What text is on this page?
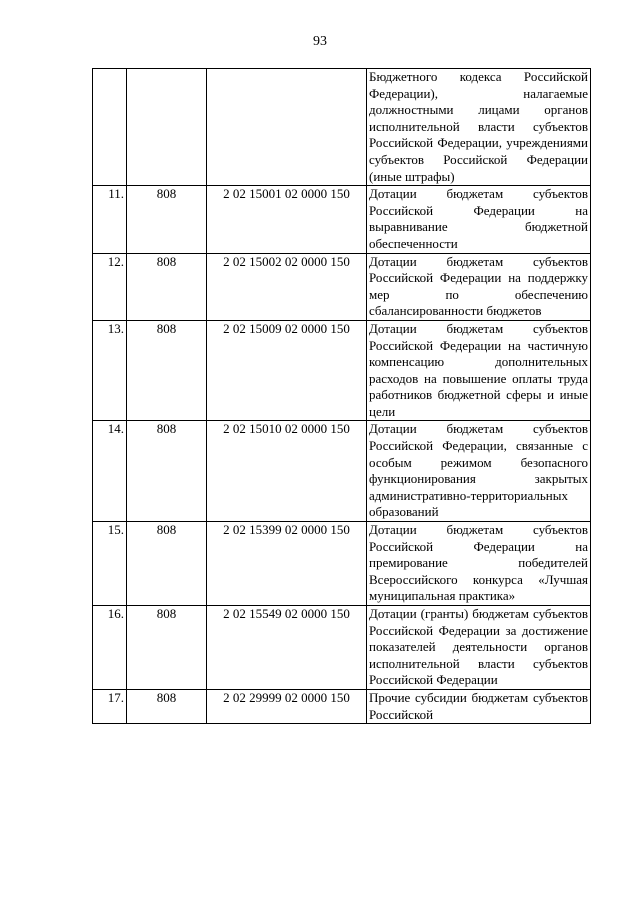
93
			Бюджетного кодекса Российской Федерации), налагаемые должностными лицами органов исполнительной власти субъектов Российской Федерации, учреждениями субъектов Российской Федерации (иные штрафы)
11.	808	2 02 15001 02 0000 150	Дотации бюджетам субъектов Российской Федерации на выравнивание бюджетной обеспеченности
12.	808	2 02 15002 02 0000 150	Дотации бюджетам субъектов Российской Федерации на поддержку мер по обеспечению сбалансированности бюджетов
13.	808	2 02 15009 02 0000 150	Дотации бюджетам субъектов Российской Федерации на частичную компенсацию дополнительных расходов на повышение оплаты труда работников бюджетной сферы и иные цели
14.	808	2 02 15010 02 0000 150	Дотации бюджетам субъектов Российской Федерации, связанные с особым режимом безопасного функционирования закрытых административно-территориальных образований
15.	808	2 02 15399 02 0000 150	Дотации бюджетам субъектов Российской Федерации на премирование победителей Всероссийского конкурса «Лучшая муниципальная практика»
16.	808	2 02 15549 02 0000 150	Дотации (гранты) бюджетам субъектов Российской Федерации за достижение показателей деятельности органов исполнительной власти субъектов Российской Федерации
17.	808	2 02 29999 02 0000 150	Прочие субсидии бюджетам субъектов Российской
